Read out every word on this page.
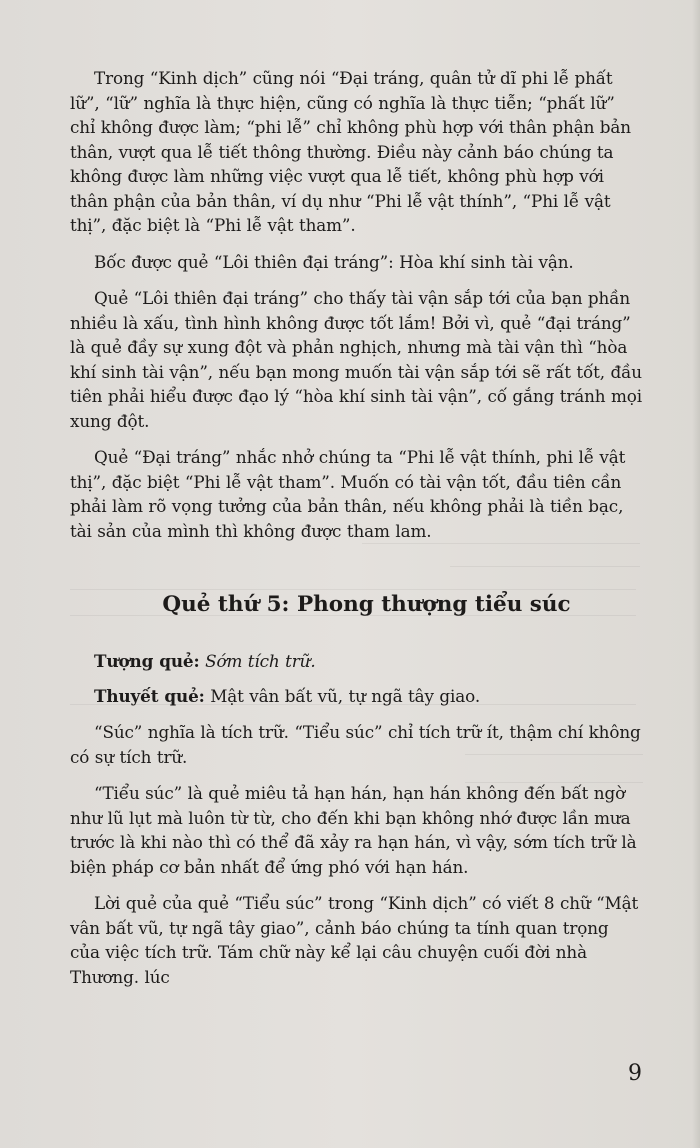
Trong “Kinh dịch” cũng nói “Đại tráng, quân tử dĩ phi lễ phất lữ”, “lữ” nghĩa là thực hiện, cũng có nghĩa là thực tiễn; “phất lữ” chỉ không được làm; “phi lễ” chỉ không phù hợp với thân phận bản thân, vượt qua lễ tiết thông thường. Điều này cảnh báo chúng ta không được làm những việc vượt qua lễ tiết, không phù hợp với thân phận của bản thân, ví dụ như “Phi lễ vật thính”, “Phi lễ vật thị”, đặc biệt là “Phi lễ vật tham”.

Bốc được quẻ “Lôi thiên đại tráng”: Hòa khí sinh tài vận.

Quẻ “Lôi thiên đại tráng” cho thấy tài vận sắp tới của bạn phần nhiều là xấu, tình hình không được tốt lắm! Bởi vì, quẻ “đại tráng” là quẻ đầy sự xung đột và phản nghịch, nhưng mà tài vận thì “hòa khí sinh tài vận”, nếu bạn mong muốn tài vận sắp tới sẽ rất tốt, đầu tiên phải hiểu được đạo lý “hòa khí sinh tài vận”, cố gắng tránh mọi xung đột.

Quẻ “Đại tráng” nhắc nhở chúng ta “Phi lễ vật thính, phi lễ vật thị”, đặc biệt “Phi lễ vật tham”. Muốn có tài vận tốt, đầu tiên cần phải làm rõ vọng tưởng của bản thân, nếu không phải là tiền bạc, tài sản của mình thì không được tham lam.

Quẻ thứ 5: Phong thượng tiểu súc

Tượng quẻ: Sớm tích trữ.

Thuyết quẻ: Mật vân bất vũ, tự ngã tây giao.

“Súc” nghĩa là tích trữ. “Tiểu súc” chỉ tích trữ ít, thậm chí không có sự tích trữ.

“Tiểu súc” là quẻ miêu tả hạn hán, hạn hán không đến bất ngờ như lũ lụt mà luôn từ từ, cho đến khi bạn không nhớ được lần mưa trước là khi nào thì có thể đã xảy ra hạn hán, vì vậy, sớm tích trữ là biện pháp cơ bản nhất để ứng phó với hạn hán.

Lời quẻ của quẻ “Tiểu súc” trong “Kinh dịch” có viết 8 chữ “Mật vân bất vũ, tự ngã tây giao”, cảnh báo chúng ta tính quan trọng của việc tích trữ. Tám chữ này kể lại câu chuyện cuối đời nhà Thương. lúc

9
